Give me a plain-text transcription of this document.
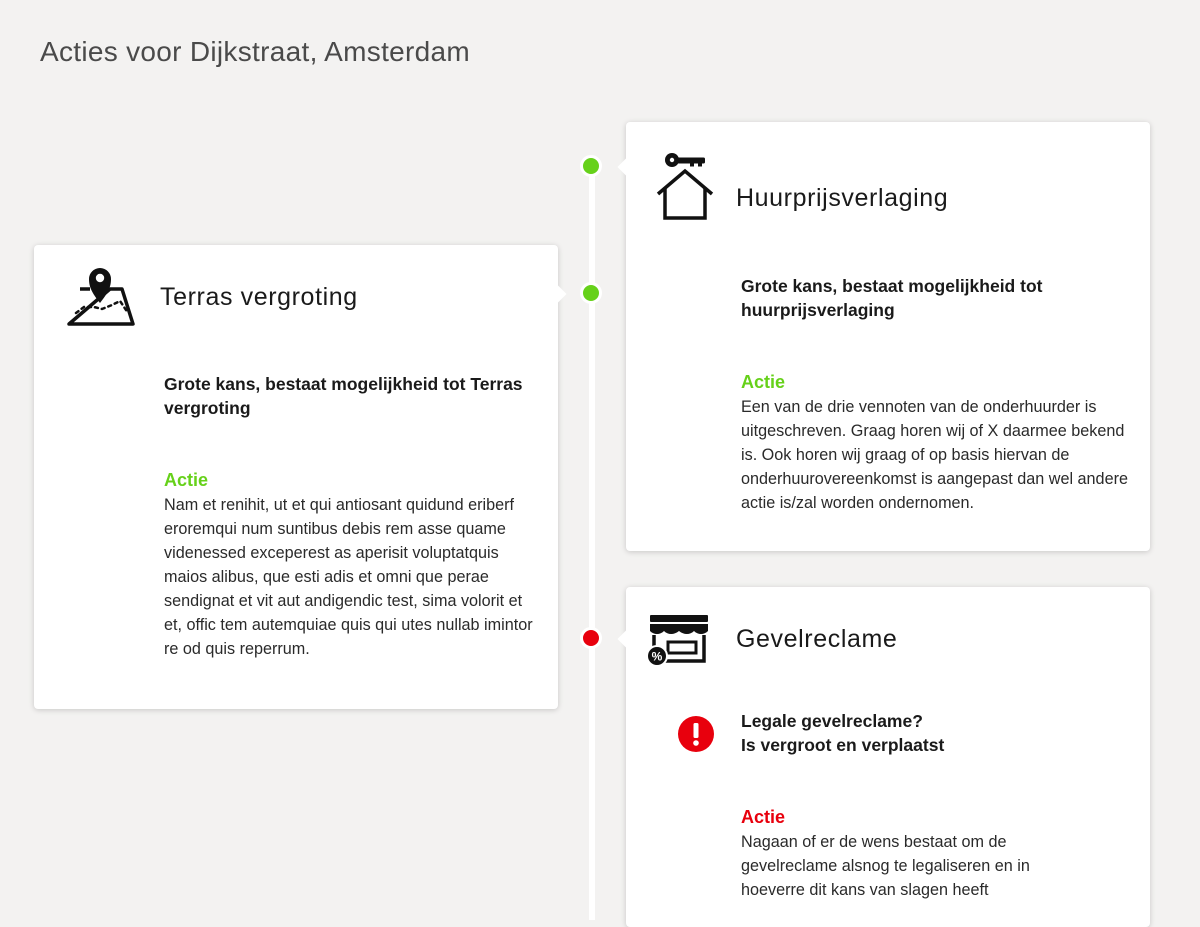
Acties voor Dijkstraat, Amsterdam
Huurprijsverlaging

Grote kans, bestaat mogelijkheid tot huurprijsverlaging

Actie

Een van de drie vennoten van de onderhuurder is uitgeschreven. Graag horen wij of X daarmee bekend is. Ook horen wij graag of op basis hiervan de onderhuurovereenkomst is aangepast dan wel andere actie is/zal worden ondernomen.

Terras vergroting

Grote kans, bestaat mogelijkheid tot Terras vergroting

Actie

Nam et renihit, ut et qui antiosant quidund eriberf eroremqui num suntibus debis rem asse quame videnessed exceperest as aperisit voluptatquis maios alibus, que esti adis et omni que perae sendignat et vit aut andigendic test, sima volorit et et, offic tem autemquiae quis qui utes nullab imintor re od quis reperrum.	%
Gevelreclame

Legale gevelreclame?
Is vergroot en verplaatst

Actie

Nagaan of er de wens bestaat om de gevelreclame alsnog te legaliseren en in hoeverre dit kans van slagen heeft
